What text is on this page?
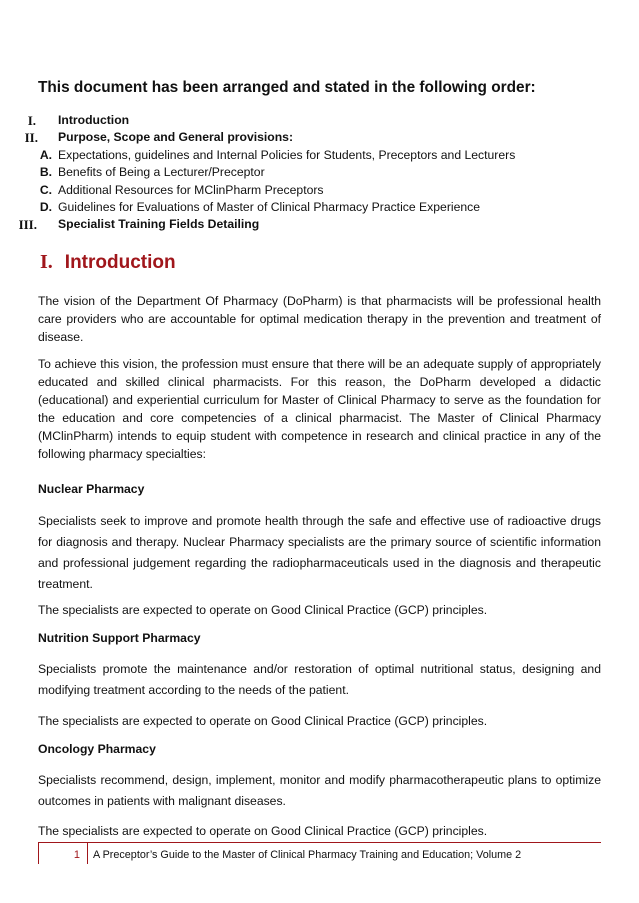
This document has been arranged and stated in the following order:
I. Introduction
II. Purpose, Scope and General provisions:
A. Expectations, guidelines and Internal Policies for Students, Preceptors and Lecturers
B. Benefits of Being a Lecturer/Preceptor
C. Additional Resources for MClinPharm Preceptors
D. Guidelines for Evaluations of Master of Clinical Pharmacy Practice Experience
III. Specialist Training Fields Detailing
I. Introduction

The vision of the Department Of Pharmacy (DoPharm) is that pharmacists will be professional health care providers who are accountable for optimal medication therapy in the prevention and treatment of disease.

To achieve this vision, the profession must ensure that there will be an adequate supply of appropriately educated and skilled clinical pharmacists. For this reason, the DoPharm developed a didactic (educational) and experiential curriculum for Master of Clinical Pharmacy to serve as the foundation for the education and core competencies of a clinical pharmacist. The Master of Clinical Pharmacy (MClinPharm) intends to equip student with competence in research and clinical practice in any of the following pharmacy specialties:

Nuclear Pharmacy

Specialists seek to improve and promote health through the safe and effective use of radioactive drugs for diagnosis and therapy. Nuclear Pharmacy specialists are the primary source of scientific information and professional judgement regarding the radiopharmaceuticals used in the diagnosis and therapeutic treatment.

The specialists are expected to operate on Good Clinical Practice (GCP) principles.

Nutrition Support Pharmacy

Specialists promote the maintenance and/or restoration of optimal nutritional status, designing and modifying treatment according to the needs of the patient.

The specialists are expected to operate on Good Clinical Practice (GCP) principles.

Oncology Pharmacy

Specialists recommend, design, implement, monitor and modify pharmacotherapeutic plans to optimize outcomes in patients with malignant diseases.

The specialists are expected to operate on Good Clinical Practice (GCP) principles.

1	A Preceptor’s Guide to the Master of Clinical Pharmacy Training and Education; Volume 2
